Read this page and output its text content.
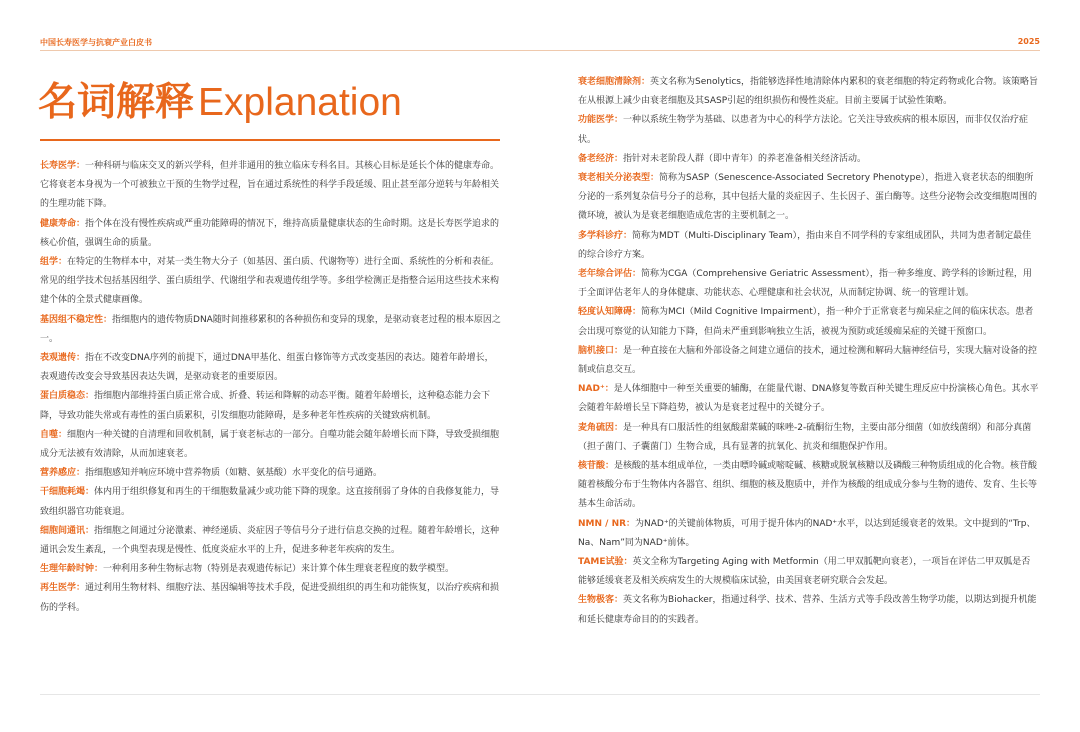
中国长寿医学与抗衰产业白皮书	2025
名词解释 Explanation

长寿医学：一种科研与临床交叉的新兴学科，但并非通用的独立临床专科名目。其核心目标是延长个体的健康寿命。它将衰老本身视为一个可被独立干预的生物学过程，旨在通过系统性的科学手段延缓、阻止甚至部分逆转与年龄相关的生理功能下降。

健康寿命：指个体在没有慢性疾病或严重功能障碍的情况下，维持高质量健康状态的生命时期。这是长寿医学追求的核心价值，强调生命的质量。

组学：在特定的生物样本中，对某一类生物大分子（如基因、蛋白质、代谢物等）进行全面、系统性的分析和表征。常见的组学技术包括基因组学、蛋白质组学、代谢组学和表观遗传组学等。多组学检测正是指整合运用这些技术来构建个体的全景式健康画像。

基因组不稳定性：指细胞内的遗传物质DNA随时间推移累积的各种损伤和变异的现象，是驱动衰老过程的根本原因之一。

表观遗传：指在不改变DNA序列的前提下，通过DNA甲基化、组蛋白修饰等方式改变基因的表达。随着年龄增长，表观遗传改变会导致基因表达失调，是驱动衰老的重要原因。

蛋白质稳态：指细胞内部维持蛋白质正常合成、折叠、转运和降解的动态平衡。随着年龄增长，这种稳态能力会下降，导致功能失常或有毒性的蛋白质累积，引发细胞功能障碍，是多种老年性疾病的关键致病机制。

自噬：细胞内一种关键的自清理和回收机制，属于衰老标志的一部分。自噬功能会随年龄增长而下降，导致受损细胞成分无法被有效清除，从而加速衰老。

营养感应：指细胞感知并响应环境中营养物质（如糖、氨基酸）水平变化的信号通路。

干细胞耗竭：体内用于组织修复和再生的干细胞数量减少或功能下降的现象。这直接削弱了身体的自我修复能力，导致组织器官功能衰退。

细胞间通讯：指细胞之间通过分泌激素、神经递质、炎症因子等信号分子进行信息交换的过程。随着年龄增长，这种通讯会发生紊乱，一个典型表现是慢性、低度炎症水平的上升，促进多种老年疾病的发生。

生理年龄时钟：一种利用多种生物标志物（特别是表观遗传标记）来计算个体生理衰老程度的数学模型。

再生医学：通过利用生物材料、细胞疗法、基因编辑等技术手段，促进受损组织的再生和功能恢复，以治疗疾病和损伤的学科。

衰老细胞清除剂：英文名称为Senolytics，指能够选择性地清除体内累积的衰老细胞的特定药物或化合物。该策略旨在从根源上减少由衰老细胞及其SASP引起的组织损伤和慢性炎症。目前主要属于试验性策略。

功能医学：一种以系统生物学为基础、以患者为中心的科学方法论。它关注导致疾病的根本原因，而非仅仅治疗症状。

备老经济：指针对未老阶段人群（即中青年）的养老准备相关经济活动。

衰老相关分泌表型：简称为SASP（Senescence-Associated Secretory Phenotype），指进入衰老状态的细胞所分泌的一系列复杂信号分子的总称，其中包括大量的炎症因子、生长因子、蛋白酶等。这些分泌物会改变细胞周围的微环境，被认为是衰老细胞造成危害的主要机制之一。

多学科诊疗：简称为MDT（Multi-Disciplinary Team），指由来自不同学科的专家组成团队，共同为患者制定最佳的综合诊疗方案。

老年综合评估：简称为CGA（Comprehensive Geriatric Assessment），指一种多维度、跨学科的诊断过程，用于全面评估老年人的身体健康、功能状态、心理健康和社会状况，从而制定协调、统一的管理计划。

轻度认知障碍：简称为MCI（Mild Cognitive Impairment），指一种介于正常衰老与痴呆症之间的临床状态。患者会出现可察觉的认知能力下降，但尚未严重到影响独立生活，被视为预防或延缓痴呆症的关键干预窗口。

脑机接口：是一种直接在大脑和外部设备之间建立通信的技术，通过检测和解码大脑神经信号，实现大脑对设备的控制或信息交互。

NAD⁺：是人体细胞中一种至关重要的辅酶，在能量代谢、DNA修复等数百种关键生理反应中扮演核心角色。其水平会随着年龄增长呈下降趋势，被认为是衰老过程中的关键分子。

麦角硫因：是一种具有口服活性的组氨酸甜菜碱的咪唑-2-硫酮衍生物，主要由部分细菌（如放线菌纲）和部分真菌（担子菌门、子囊菌门）生物合成，具有显著的抗氧化、抗炎和细胞保护作用。

核苷酸：是核酸的基本组成单位，一类由嘌呤碱或嘧啶碱、核糖或脱氧核糖以及磷酸三种物质组成的化合物。核苷酸随着核酸分布于生物体内各器官、组织、细胞的核及胞质中，并作为核酸的组成成分参与生物的遗传、发育、生长等基本生命活动。

NMN / NR：为NAD⁺的关键前体物质，可用于提升体内的NAD⁺水平，以达到延缓衰老的效果。文中提到的“Trp、Na、Nam”同为NAD⁺前体。

TAME试验：英文全称为Targeting Aging with Metformin（用二甲双胍靶向衰老），一项旨在评估二甲双胍是否能够延缓衰老及相关疾病发生的大规模临床试验，由美国衰老研究联合会发起。

生物极客：英文名称为Biohacker，指通过科学、技术、营养、生活方式等手段改善生物学功能，以期达到提升机能和延长健康寿命目的的实践者。
